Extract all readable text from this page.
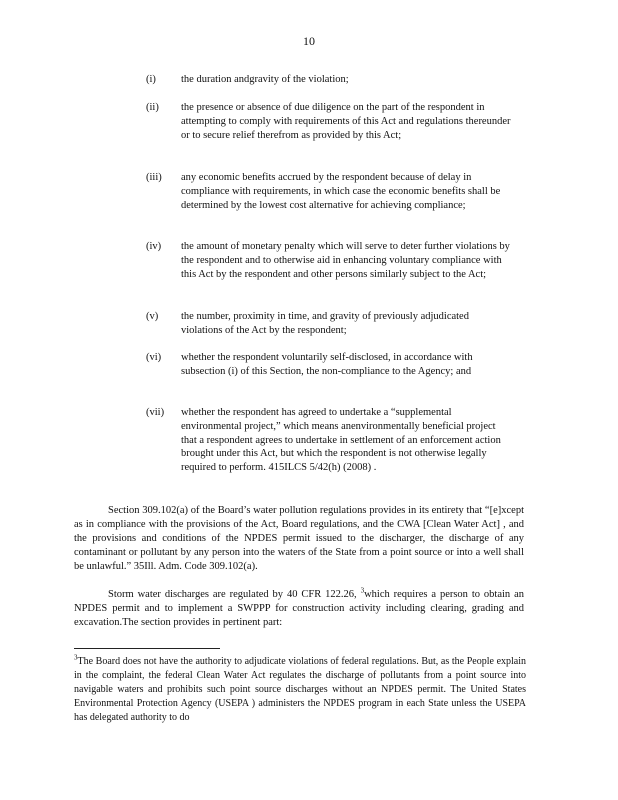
10
(i) the duration andgravity of the violation;
(ii) the presence or absence of due diligence on the part of the respondent in attempting to comply with requirements of this Act and regulations thereunder or to secure relief therefrom as provided by this Act;
(iii) any economic benefits accrued by the respondent because of delay in compliance with requirements, in which case the economic benefits shall be determined by the lowest cost alternative for achieving compliance;
(iv) the amount of monetary penalty which will serve to deter further violations by the respondent and to otherwise aid in enhancing voluntary compliance with this Act by the respondent and other persons similarly subject to the Act;
(v) the number, proximity in time, and gravity of previously adjudicated violations of the Act by the respondent;
(vi) whether the respondent voluntarily self-disclosed, in accordance with subsection (i) of this Section, the non-compliance to the Agency; and
(vii) whether the respondent has agreed to undertake a “supplemental environmental project,” which means anenvironmentally beneficial project that a respondent agrees to undertake in settlement of an enforcement action brought under this Act, but which the respondent is not otherwise legally required to perform. 415ILCS 5/42(h) (2008) .
Section 309.102(a) of the Board’s water pollution regulations provides in its entirety that “[e]xcept as in compliance with the provisions of the Act, Board regulations, and the CWA [Clean Water Act] , and the provisions and conditions of the NPDES permit issued to the discharger, the discharge of any contaminant or pollutant by any person into the waters of the State from a point source or into a well shall be unlawful.” 35Ill. Adm. Code 309.102(a).
Storm water discharges are regulated by 40 CFR 122.26, $^3$which requires a person to obtain an NPDES permit and to implement a SWPPP for construction activity including clearing, grading and excavation.The section provides in pertinent part:
$^3$The Board does not have the authority to adjudicate violations of federal regulations. But, as the People explain in the complaint, the federal Clean Water Act regulates the discharge of pollutants from a point source into navigable waters and prohibits such point source discharges without an NPDES permit. The United States Environmental Protection Agency (USEPA ) administers the NPDES program in each State unless the USEPA has delegated authority to do
